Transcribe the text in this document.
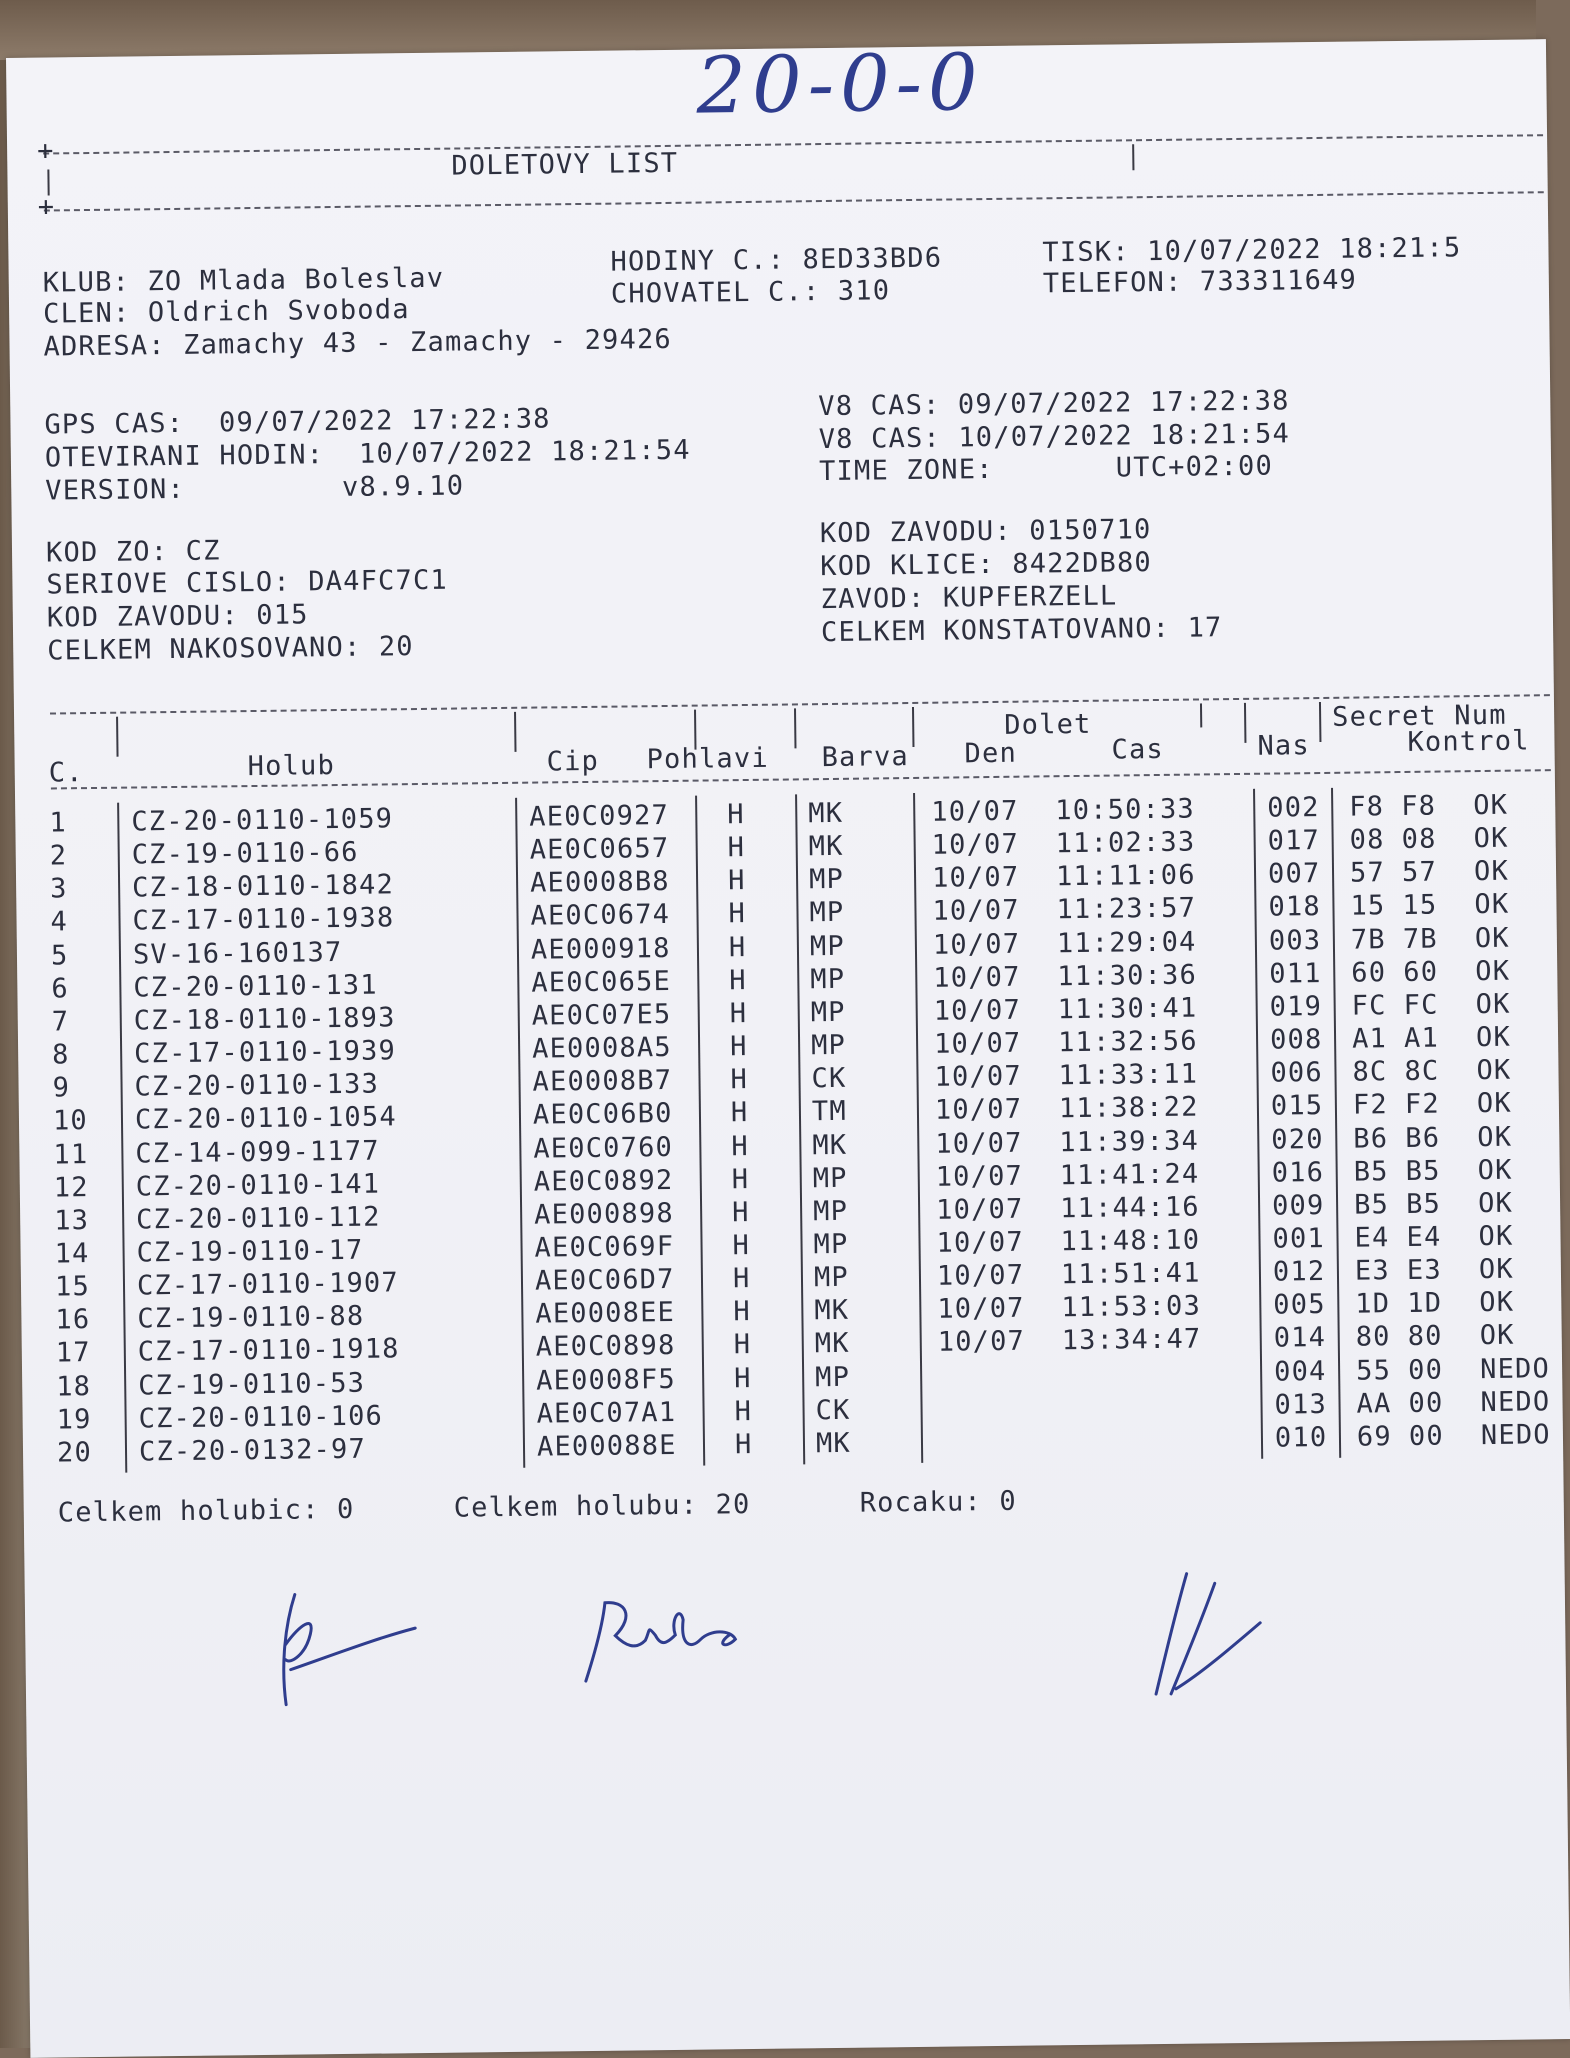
20-0-0
+	DOLETOVY LIST
+
KLUB: ZO Mlada Boleslav
CLEN: Oldrich Svoboda
ADRESA: Zamachy 43 - Zamachy - 29426
HODINY C.: 8ED33BD6
CHOVATEL C.: 310
TISK: 10/07/2022 18:21:5
TELEFON: 733311649
GPS CAS:  09/07/2022 17:22:38
OTEVIRANI HODIN:  10/07/2022 18:21:54
VERSION:         v8.9.10
V8 CAS: 09/07/2022 17:22:38
V8 CAS: 10/07/2022 18:21:54
TIME ZONE:       UTC+02:00
KOD ZO: CZ
SERIOVE CISLO: DA4FC7C1
KOD ZAVODU: 015
CELKEM NAKOSOVANO: 20
KOD ZAVODU: 0150710
KOD KLICE: 8422DB80
ZAVOD: KUPFERZELL
CELKEM KONSTATOVANO: 17
Dolet	Secret Num
C.	Holub	Cip Pohlavi Barva Den	Cas	Nas	Kontrol
1 CZ-20-0110-1059	AE0C0927 H MK	10/07 10:50:33	002 F8 F8 OK
2 CZ-19-0110-66	AE0C0657 H MK	10/07 11:02:33	017 08 08 OK
3 CZ-18-0110-1842	AE0008B8 H MP	10/07 11:11:06	007 57 57 OK
4 CZ-17-0110-1938	AE0C0674 H MP	10/07 11:23:57	018 15 15 OK
5 SV-16-160137	AE000918 H MP	10/07 11:29:04	003 7B 7B OK
6 CZ-20-0110-131	AE0C065E H MP	10/07 11:30:36	011 60 60 OK
7 CZ-18-0110-1893	AE0C07E5 H MP	10/07 11:30:41	019 FC FC OK
8 CZ-17-0110-1939	AE0008A5 H MP	10/07 11:32:56	008 A1 A1 OK
9 CZ-20-0110-133	AE0008B7 H CK	10/07 11:33:11	006 8C 8C OK
10 CZ-20-0110-1054	AE0C06B0 H TM	10/07 11:38:22	015 F2 F2 OK
11 CZ-14-099-1177	AE0C0760 H MK	10/07 11:39:34	020 B6 B6 OK
12 CZ-20-0110-141	AE0C0892 H MP	10/07 11:41:24	016 B5 B5 OK
13 CZ-20-0110-112	AE000898 H MP	10/07 11:44:16	009 B5 B5 OK
14 CZ-19-0110-17	AE0C069F H MP	10/07 11:48:10	001 E4 E4 OK
15 CZ-17-0110-1907	AE0C06D7 H MP	10/07 11:51:41	012 E3 E3 OK
16 CZ-19-0110-88	AE0008EE H MK	10/07 11:53:03	005 1D 1D OK
17 CZ-17-0110-1918	AE0C0898 H MK	10/07 13:34:47	014 80 80 OK
18 CZ-19-0110-53	AE0008F5 H MP	004 55 00 NEDO
19 CZ-20-0110-106	AE0C07A1 H CK	013 AA 00 NEDO
20 CZ-20-0132-97	AE00088E H MK	010 69 00 NEDO
Celkem holubic: 0	Celkem holubu: 20	Rocaku: 0
